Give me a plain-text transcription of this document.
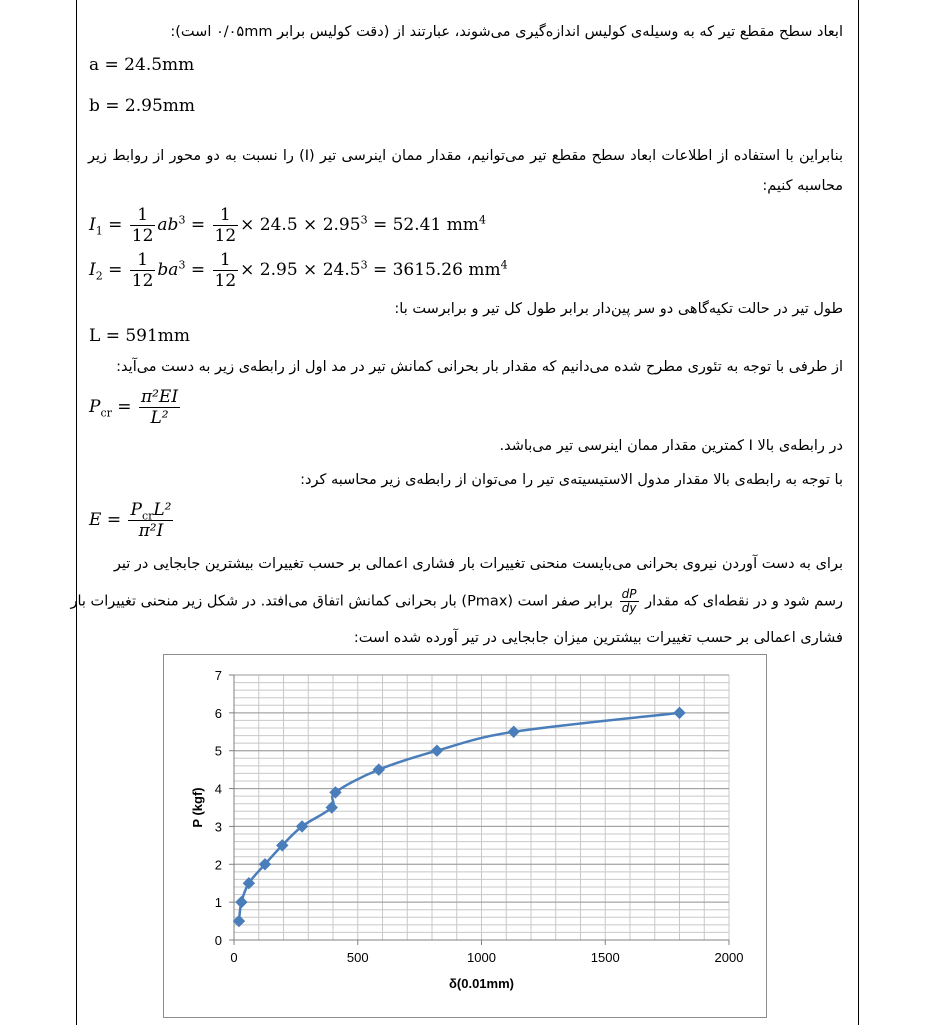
ابعاد سطح مقطع تیر که به وسیله‌ی کولیس اندازه‌گیری می‌شوند، عبارتند از (دقت کولیس برابر ۰/۰۵mm است):
a = 24.5mm
b = 2.95mm
بنابراین با استفاده از اطلاعات ابعاد سطح مقطع تیر می‌توانیم، مقدار ممان اینرسی تیر (I) را نسبت به دو محور از روابط زیر محاسبه کنیم:
$I_1 = \frac{1}{12} ab^3 = \frac{1}{12} \times 24.5 \times 2.95^3 = 52.41$ $mm^4$
$I_2 = \frac{1}{12} ba^3 = \frac{1}{12} \times 2.95 \times 24.5^3 = 3615.26$ $mm^4$
طول تیر در حالت تکیه‌گاهی دو سر پین‌دار برابر طول کل تیر و برابرست با:
L = 591mm
از طرفی با توجه به تئوری مطرح شده می‌دانیم که مقدار بار بحرانی کمانش تیر در مد اول از رابطه‌ی زیر به دست می‌آید:
$P_{cr} = \frac{\text{π²EI}}{\text{L²}}$
در رابطه‌ی بالا I کمترین مقدار ممان اینرسی تیر می‌باشد.
با توجه به رابطه‌ی بالا مقدار مدول الاستیسیته‌ی تیر را می‌توان از رابطه‌ی زیر محاسبه کرد:
$E = \frac{P_{cr}L^2}{\text{π²I}}$
برای به دست آوردن نیروی بحرانی می‌بایست منحنی تغییرات بار فشاری اعمالی بر حسب تغییرات بیشترین جابجایی در تیر
رسم شود و در نقطه‌ای که مقدار
$\frac{dP}{dy}$
برابر صفر است (Pmax) بار بحرانی کمانش اتفاق می‌افتد. در شکل زیر منحنی تغییرات بار
فشاری اعمالی بر حسب تغییرات بیشترین میزان جابجایی در تیر آورده شده است:
0	500	1000	1500	2000
0
1
2
3
4
5
6
7
δ(0.01mm)
P (kgf)
